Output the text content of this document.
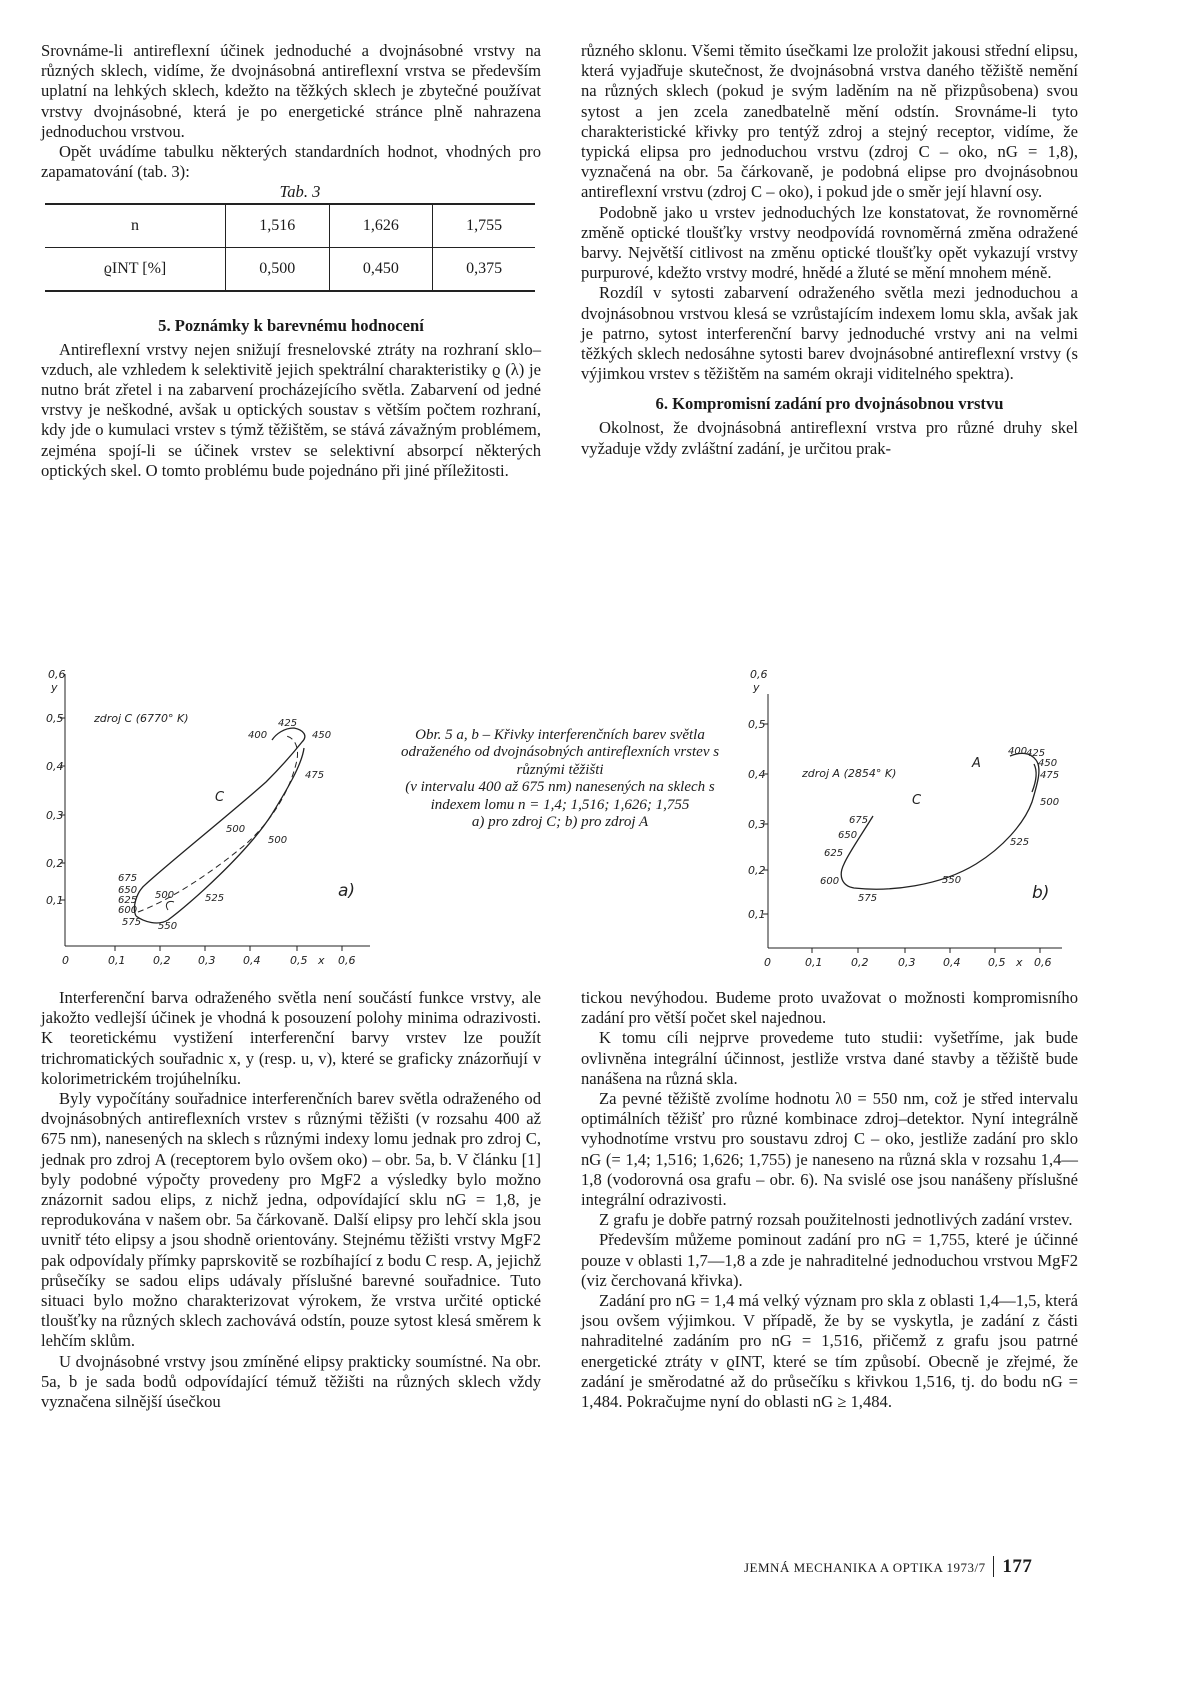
Srovnáme-li antireflexní účinek jednoduché a dvojnásobné vrstvy na různých sklech, vidíme, že dvojnásobná antireflexní vrstva se především uplatní na lehkých sklech, kdežto na těžkých sklech je zbytečné používat vrstvy dvojnásobné, která je po energetické stránce plně nahrazena jednoduchou vrstvou.

Opět uvádíme tabulku některých standardních hodnot, vhodných pro zapamatování (tab. 3):

Tab. 3

n	1,516	1,626	1,755
ϱINT [%]	0,500	0,450	0,375
5. Poznámky k barevnému hodnocení

Antireflexní vrstvy nejen snižují fresnelovské ztráty na rozhraní sklo–vzduch, ale vzhledem k selektivitě jejich spektrální charakteristiky ϱ (λ) je nutno brát zřetel i na zabarvení procházejícího světla. Zabarvení od jedné vrstvy je neškodné, avšak u optických soustav s větším počtem rozhraní, kdy jde o kumulaci vrstev s týmž těžištěm, se stává závažným problémem, zejména spojí-li se účinek vrstev se selektivní absorpcí některých optických skel. O tomto problému bude pojednáno při jiné příležitosti.

různého sklonu. Všemi těmito úsečkami lze proložit jakousi střední elipsu, která vyjadřuje skutečnost, že dvojnásobná vrstva daného těžiště nemění na různých sklech (pokud je svým laděním na ně přizpůsobena) svou sytost a jen zcela zanedbatelně mění odstín. Srovnáme-li tyto charakteristické křivky pro tentýž zdroj a stejný receptor, vidíme, že typická elipsa pro jednoduchou vrstvu (zdroj C – oko, nG = 1,8), vyznačená na obr. 5a čárkovaně, je podobná elipse pro dvojnásobnou antireflexní vrstvu (zdroj C – oko), i pokud jde o směr její hlavní osy.

Podobně jako u vrstev jednoduchých lze konstatovat, že rovnoměrné změně optické tloušťky vrstvy neodpovídá rovnoměrná změna odražené barvy. Největší citlivost na změnu optické tloušťky opět vykazují vrstvy purpurové, kdežto vrstvy modré, hnědé a žluté se mění mnohem méně.

Rozdíl v sytosti zabarvení odraženého světla mezi jednoduchou a dvojnásobnou vrstvou klesá se vzrůstajícím indexem lomu skla, avšak jak je patrno, sytost interferenční barvy jednoduché vrstvy ani na velmi těžkých sklech nedosáhne sytosti barev dvojnásobné antireflexní vrstvy (s výjimkou vrstev s těžištěm na samém okraji viditelného spektra).

6. Kompromisní zadání pro dvojnásobnou vrstvu

Okolnost, že dvojnásobná antireflexní vrstva pro různé druhy skel vyžaduje vždy zvláštní zadání, je určitou prak-

0,6
y
0,5
0,4
0,3
0,2
0,1
0	0,1	0,2	0,3	0,4	0,5 x 0,6
zdroj C (6770° K)
C
a)
425
400	450
475
500
500
675
650
625
600
575 550
525
500
Obr. 5 a, b – Křivky interferenčních barev světla odraženého od dvojnásobných antireflexních vrstev s různými těžišti
(v intervalu 400 až 675 nm) nanesených na sklech s indexem lomu n = 1,4; 1,516; 1,626; 1,755
a) pro zdroj C; b) pro zdroj A
0,6
y
0,5
0,4
0,3
0,2
0,1
0	0,1	0,2	0,3	0,4	0,5 x 0,6
zdroj A (2854° K)
A
C
b)
400
425
450
475
500
525
550
575
600
625
650
675

Interferenční barva odraženého světla není součástí funkce vrstvy, ale jakožto vedlejší účinek je vhodná k posouzení polohy minima odrazivosti. K teoretickému vystižení interferenční barvy vrstev lze použít trichromatických souřadnic x, y (resp. u, v), které se graficky znázorňují v kolorimetrickém trojúhelníku.

Byly vypočítány souřadnice interferenčních barev světla odraženého od dvojnásobných antireflexních vrstev s různými těžišti (v rozsahu 400 až 675 nm), nanesených na sklech s různými indexy lomu jednak pro zdroj C, jednak pro zdroj A (receptorem bylo ovšem oko) – obr. 5a, b. V článku [1] byly podobné výpočty provedeny pro MgF2 a výsledky bylo možno znázornit sadou elips, z nichž jedna, odpovídající sklu nG = 1,8, je reprodukována v našem obr. 5a čárkovaně. Další elipsy pro lehčí skla jsou uvnitř této elipsy a jsou shodně orientovány. Stejnému těžišti vrstvy MgF2 pak odpovídaly přímky paprskovitě se rozbíhající z bodu C resp. A, jejichž průsečíky se sadou elips udávaly příslušné barevné souřadnice. Tuto situaci bylo možno charakterizovat výrokem, že vrstva určité optické tloušťky na různých sklech zachovává odstín, pouze sytost klesá směrem k lehčím sklům.

U dvojnásobné vrstvy jsou zmíněné elipsy prakticky soumístné. Na obr. 5a, b je sada bodů odpovídající témuž těžišti na různých sklech vždy vyznačena silnější úsečkou

tickou nevýhodou. Budeme proto uvažovat o možnosti kompromisního zadání pro větší počet skel najednou.

K tomu cíli nejprve provedeme tuto studii: vyšetříme, jak bude ovlivněna integrální účinnost, jestliže vrstva dané stavby a těžiště bude nanášena na různá skla.

Za pevné těžiště zvolíme hodnotu λ0 = 550 nm, což je střed intervalu optimálních těžišť pro různé kombinace zdroj–detektor. Nyní integrálně vyhodnotíme vrstvu pro soustavu zdroj C – oko, jestliže zadání pro sklo nG (= 1,4; 1,516; 1,626; 1,755) je naneseno na různá skla v rozsahu 1,4—1,8 (vodorovná osa grafu – obr. 6). Na svislé ose jsou nanášeny příslušné integrální odrazivosti.

Z grafu je dobře patrný rozsah použitelnosti jednotlivých zadání vrstev.

Především můžeme pominout zadání pro nG = 1,755, které je účinné pouze v oblasti 1,7—1,8 a zde je nahraditelné jednoduchou vrstvou MgF2 (viz čerchovaná křivka).

Zadání pro nG = 1,4 má velký význam pro skla z oblasti 1,4—1,5, která jsou ovšem výjimkou. V případě, že by se vyskytla, je zadání z části nahraditelné zadáním pro nG = 1,516, přičemž z grafu jsou patrné energetické ztráty v ϱINT, které se tím způsobí. Obecně je zřejmé, že zadání je směrodatné až do průsečíku s křivkou 1,516, tj. do bodu nG = 1,484. Pokračujme nyní do oblasti nG ≥ 1,484.

JEMNÁ MECHANIKA A OPTIKA 1973/7 177
